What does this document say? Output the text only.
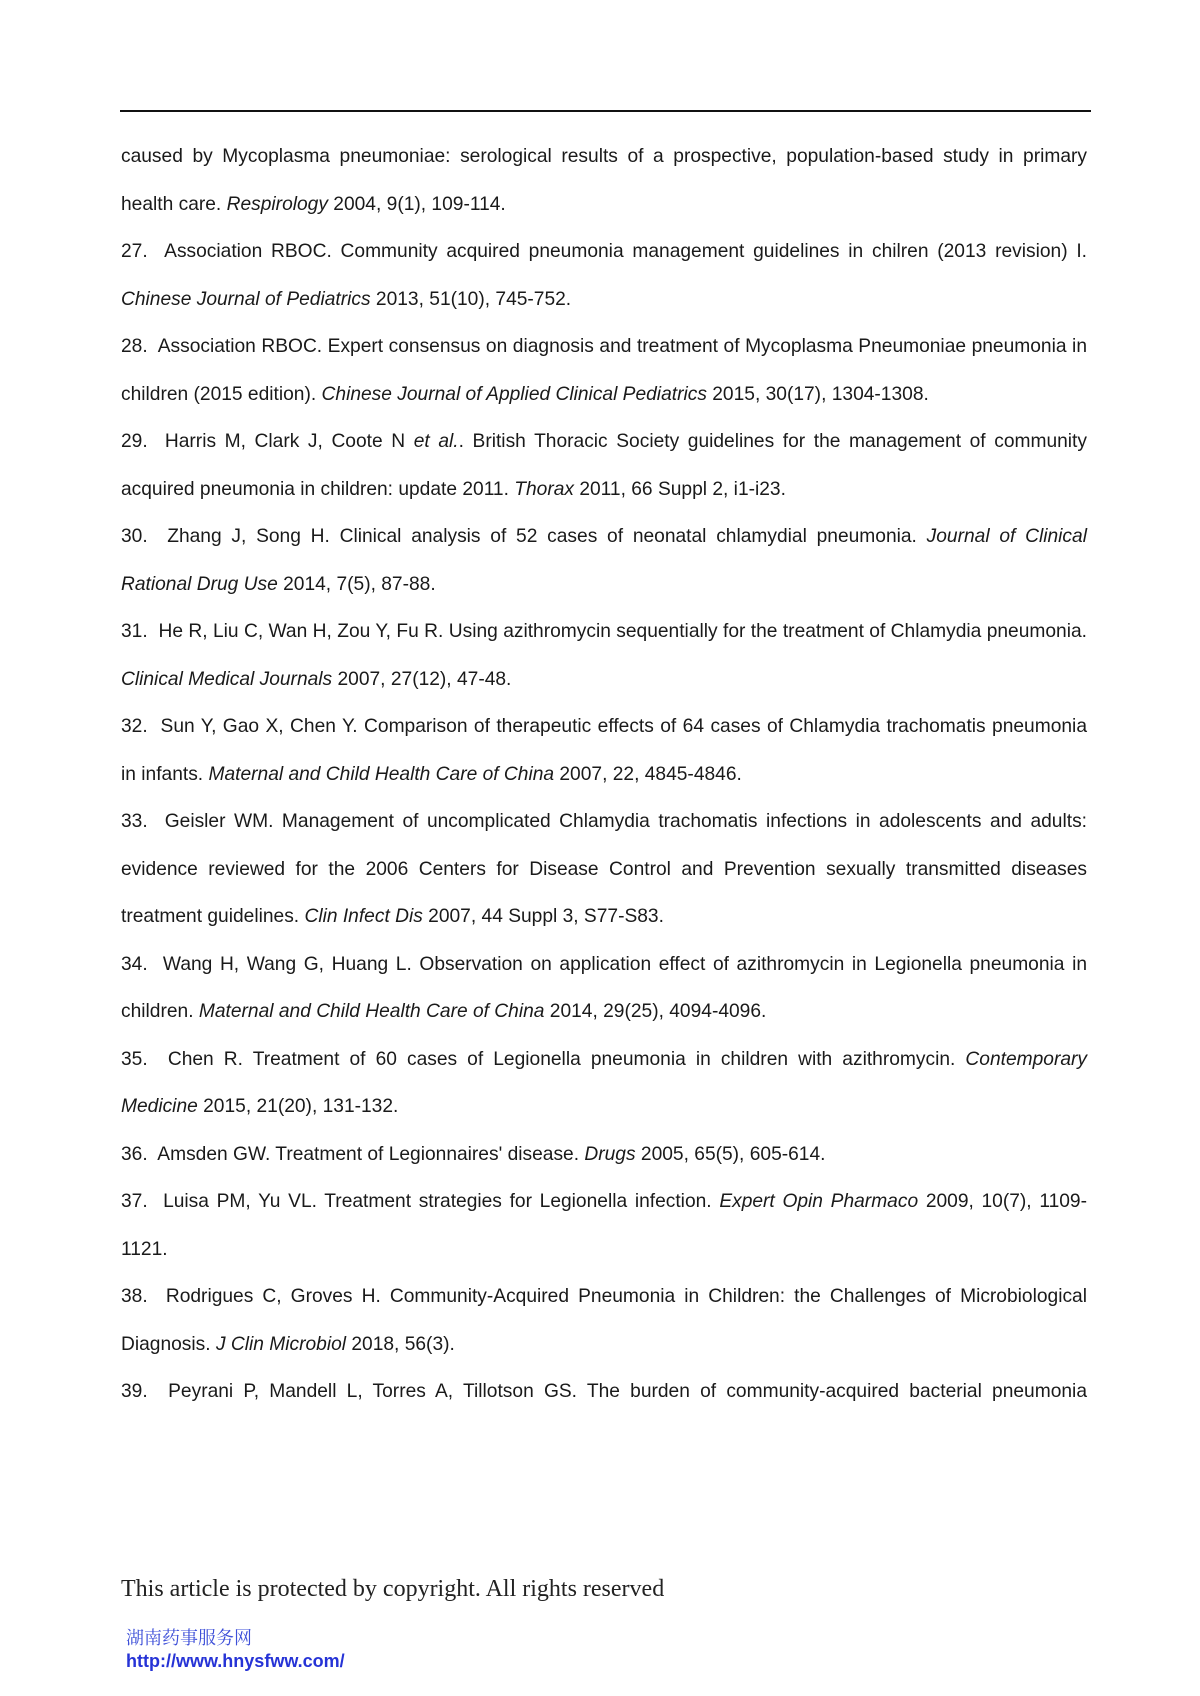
caused by Mycoplasma pneumoniae: serological results of a prospective, population-based study in primary health care. Respirology 2004, 9(1), 109-114.

27. Association RBOC. Community acquired pneumonia management guidelines in chilren (2013 revision) I. Chinese Journal of Pediatrics 2013, 51(10), 745-752.

28. Association RBOC. Expert consensus on diagnosis and treatment of Mycoplasma Pneumoniae pneumonia in children (2015 edition). Chinese Journal of Applied Clinical Pediatrics 2015, 30(17), 1304-1308.

29. Harris M, Clark J, Coote N et al.. British Thoracic Society guidelines for the management of community acquired pneumonia in children: update 2011. Thorax 2011, 66 Suppl 2, i1-i23.

30. Zhang J, Song H. Clinical analysis of 52 cases of neonatal chlamydial pneumonia. Journal of Clinical Rational Drug Use 2014, 7(5), 87-88.

31. He R, Liu C, Wan H, Zou Y, Fu R. Using azithromycin sequentially for the treatment of Chlamydia pneumonia. Clinical Medical Journals 2007, 27(12), 47-48.

32. Sun Y, Gao X, Chen Y. Comparison of therapeutic effects of 64 cases of Chlamydia trachomatis pneumonia in infants. Maternal and Child Health Care of China 2007, 22, 4845-4846.

33. Geisler WM. Management of uncomplicated Chlamydia trachomatis infections in adolescents and adults: evidence reviewed for the 2006 Centers for Disease Control and Prevention sexually transmitted diseases treatment guidelines. Clin Infect Dis 2007, 44 Suppl 3, S77-S83.

34. Wang H, Wang G, Huang L. Observation on application effect of azithromycin in Legionella pneumonia in children. Maternal and Child Health Care of China 2014, 29(25), 4094-4096.

35. Chen R. Treatment of 60 cases of Legionella pneumonia in children with azithromycin. Contemporary Medicine 2015, 21(20), 131-132.

36. Amsden GW. Treatment of Legionnaires' disease. Drugs 2005, 65(5), 605-614.

37. Luisa PM, Yu VL. Treatment strategies for Legionella infection. Expert Opin Pharmaco 2009, 10(7), 1109-1121.

38. Rodrigues C, Groves H. Community-Acquired Pneumonia in Children: the Challenges of Microbiological Diagnosis. J Clin Microbiol 2018, 56(3).

39. Peyrani P, Mandell L, Torres A, Tillotson GS. The burden of community-acquired bacterial pneumonia

This article is protected by copyright. All rights reserved
湖南药事服务网
http://www.hnysfww.com/
